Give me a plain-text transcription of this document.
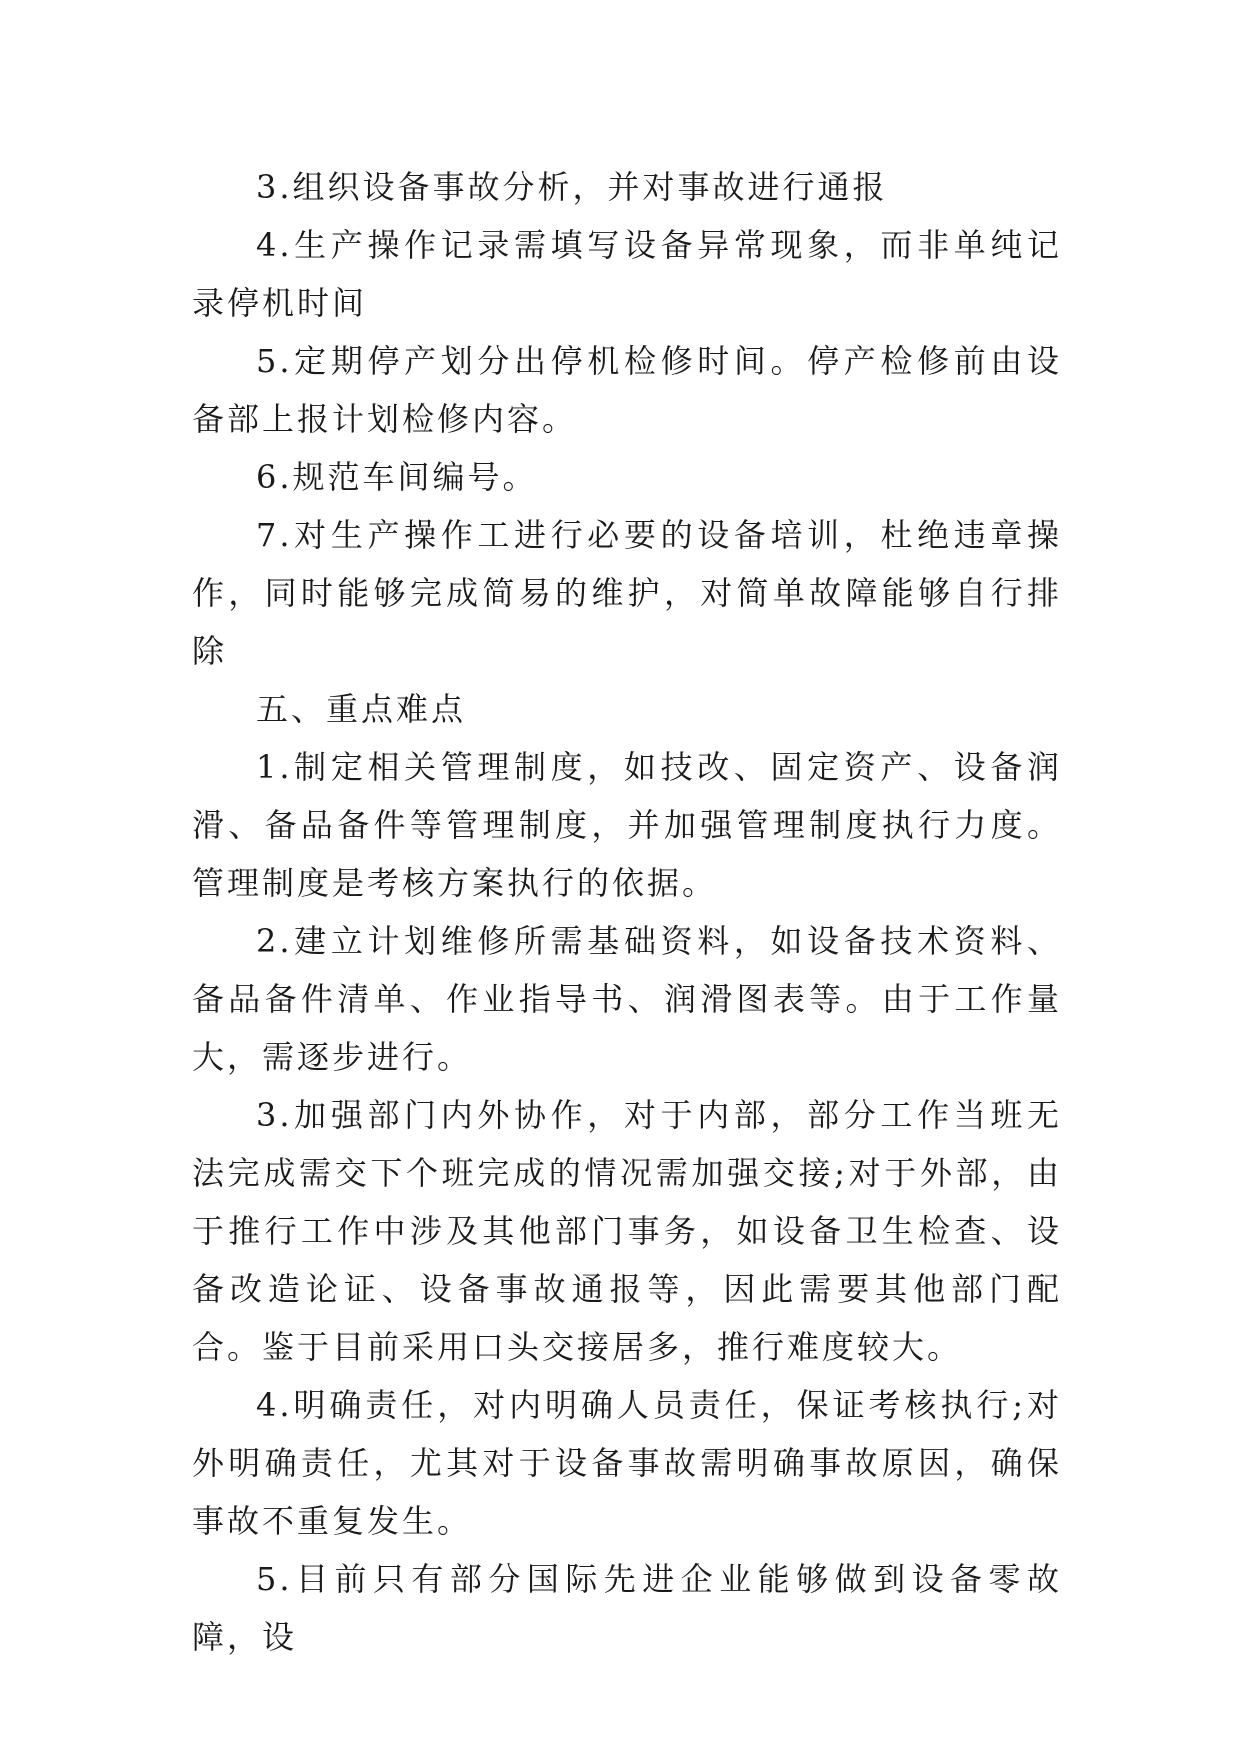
3.组织设备事故分析，并对事故进行通报

4.生产操作记录需填写设备异常现象，而非单纯记录停机时间

5.定期停产划分出停机检修时间。停产检修前由设备部上报计划检修内容。

6.规范车间编号。

7.对生产操作工进行必要的设备培训，杜绝违章操作，同时能够完成简易的维护，对简单故障能够自行排除

五、重点难点

1.制定相关管理制度，如技改、固定资产、设备润滑、备品备件等管理制度，并加强管理制度执行力度。管理制度是考核方案执行的依据。

2.建立计划维修所需基础资料，如设备技术资料、备品备件清单、作业指导书、润滑图表等。由于工作量大，需逐步进行。

3.加强部门内外协作，对于内部，部分工作当班无法完成需交下个班完成的情况需加强交接;对于外部，由于推行工作中涉及其他部门事务，如设备卫生检查、设备改造论证、设备事故通报等，因此需要其他部门配合。鉴于目前采用口头交接居多，推行难度较大。

4.明确责任，对内明确人员责任，保证考核执行;对外明确责任，尤其对于设备事故需明确事故原因，确保事故不重复发生。

5.目前只有部分国际先进企业能够做到设备零故障，设
